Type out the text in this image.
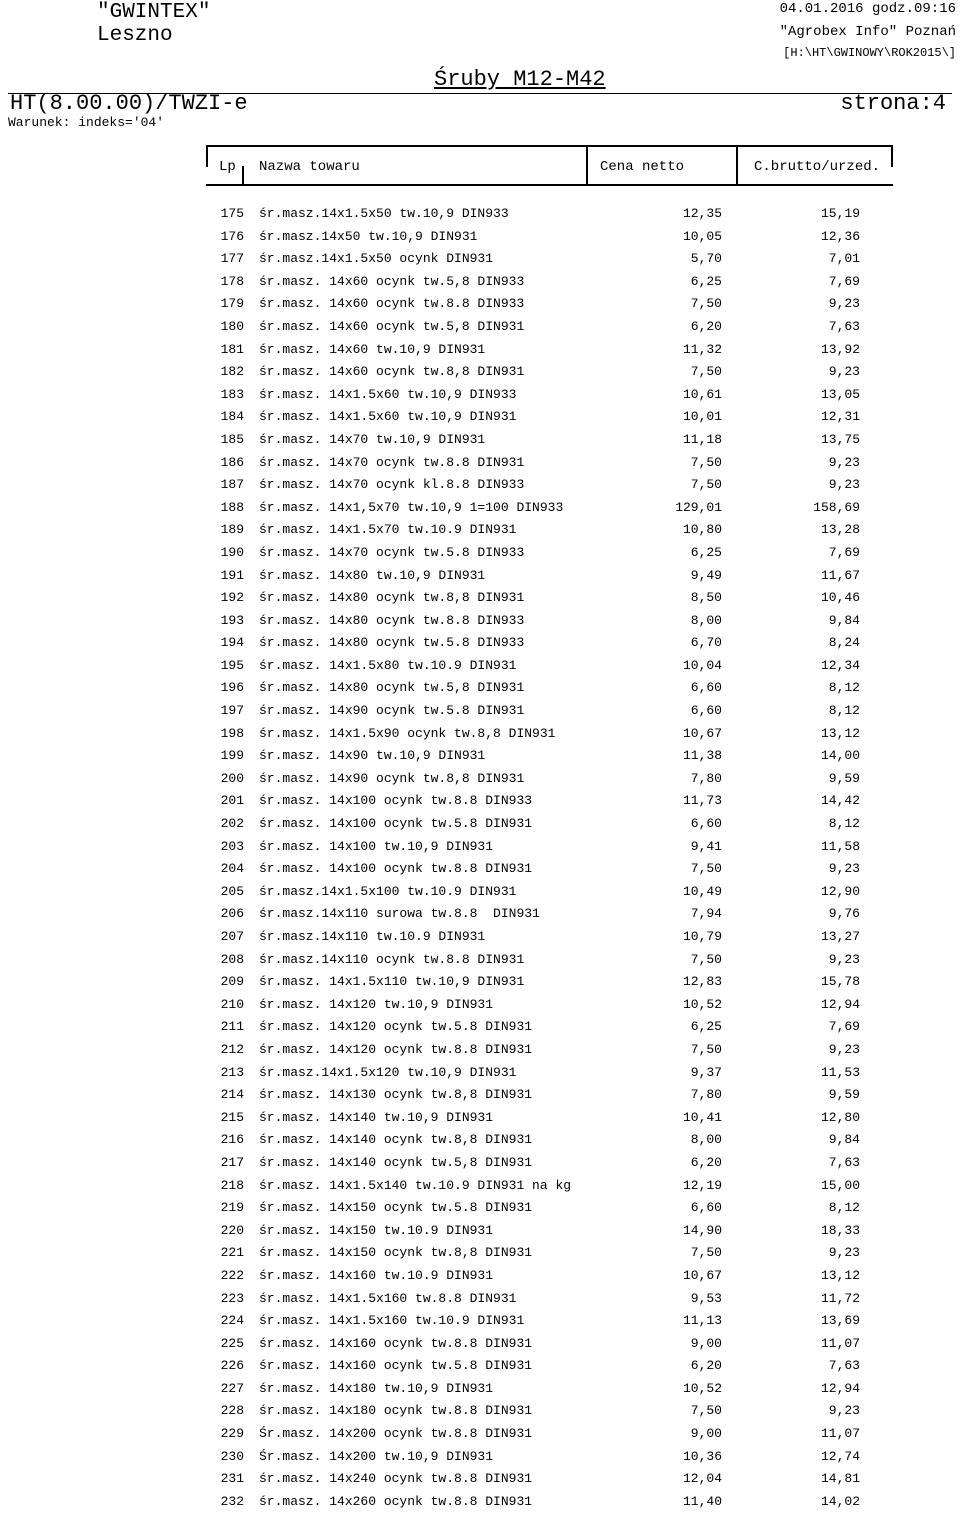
"GWINTEX"
Leszno
04.01.2016 godz.09:16
"Agrobex Info" Poznań
[H:\HT\GWINOWY\ROK2015\]
Śruby M12-M42
HT(8.00.00)/TWZI-e	strona:4
Warunek: indeks='04'
Lp Nazwa towaru	Cena netto	C.brutto/urzed.
175 śr.masz.14x1.5x50 tw.10,9 DIN933	12,35	15,19
176 śr.masz.14x50 tw.10,9 DIN931	10,05	12,36
177 śr.masz.14x1.5x50 ocynk DIN931	5,70	7,01
178 śr.masz. 14x60 ocynk tw.5,8 DIN933	6,25	7,69
179 śr.masz. 14x60 ocynk tw.8.8 DIN933	7,50	9,23
180 śr.masz. 14x60 ocynk tw.5,8 DIN931	6,20	7,63
181 śr.masz. 14x60 tw.10,9 DIN931	11,32	13,92
182 śr.masz. 14x60 ocynk tw.8,8 DIN931	7,50	9,23
183 śr.masz. 14x1.5x60 tw.10,9 DIN933	10,61	13,05
184 śr.masz. 14x1.5x60 tw.10,9 DIN931	10,01	12,31
185 śr.masz. 14x70 tw.10,9 DIN931	11,18	13,75
186 śr.masz. 14x70 ocynk tw.8.8 DIN931	7,50	9,23
187 śr.masz. 14x70 ocynk kl.8.8 DIN933	7,50	9,23
188 śr.masz. 14x1,5x70 tw.10,9 1=100 DIN933	129,01	158,69
189 śr.masz. 14x1.5x70 tw.10.9 DIN931	10,80	13,28
190 śr.masz. 14x70 ocynk tw.5.8 DIN933	6,25	7,69
191 śr.masz. 14x80 tw.10,9 DIN931	9,49	11,67
192 śr.masz. 14x80 ocynk tw.8,8 DIN931	8,50	10,46
193 śr.masz. 14x80 ocynk tw.8.8 DIN933	8,00	9,84
194 śr.masz. 14x80 ocynk tw.5.8 DIN933	6,70	8,24
195 śr.masz. 14x1.5x80 tw.10.9 DIN931	10,04	12,34
196 śr.masz. 14x80 ocynk tw.5,8 DIN931	6,60	8,12
197 śr.masz. 14x90 ocynk tw.5.8 DIN931	6,60	8,12
198 śr.masz. 14x1.5x90 ocynk tw.8,8 DIN931	10,67	13,12
199 śr.masz. 14x90 tw.10,9 DIN931	11,38	14,00
200 śr.masz. 14x90 ocynk tw.8,8 DIN931	7,80	9,59
201 śr.masz. 14x100 ocynk tw.8.8 DIN933	11,73	14,42
202 śr.masz. 14x100 ocynk tw.5.8 DIN931	6,60	8,12
203 śr.masz. 14x100 tw.10,9 DIN931	9,41	11,58
204 śr.masz. 14x100 ocynk tw.8.8 DIN931	7,50	9,23
205 śr.masz.14x1.5x100 tw.10.9 DIN931	10,49	12,90
206 śr.masz.14x110 surowa tw.8.8  DIN931	7,94	9,76
207 śr.masz.14x110 tw.10.9 DIN931	10,79	13,27
208 śr.masz.14x110 ocynk tw.8.8 DIN931	7,50	9,23
209 śr.masz. 14x1.5x110 tw.10,9 DIN931	12,83	15,78
210 śr.masz. 14x120 tw.10,9 DIN931	10,52	12,94
211 śr.masz. 14x120 ocynk tw.5.8 DIN931	6,25	7,69
212 śr.masz. 14x120 ocynk tw.8.8 DIN931	7,50	9,23
213 śr.masz.14x1.5x120 tw.10,9 DIN931	9,37	11,53
214 śr.masz. 14x130 ocynk tw.8,8 DIN931	7,80	9,59
215 śr.masz. 14x140 tw.10,9 DIN931	10,41	12,80
216 śr.masz. 14x140 ocynk tw.8,8 DIN931	8,00	9,84
217 śr.masz. 14x140 ocynk tw.5,8 DIN931	6,20	7,63
218 śr.masz. 14x1.5x140 tw.10.9 DIN931 na kg	12,19	15,00
219 śr.masz. 14x150 ocynk tw.5.8 DIN931	6,60	8,12
220 śr.masz. 14x150 tw.10.9 DIN931	14,90	18,33
221 śr.masz. 14x150 ocynk tw.8,8 DIN931	7,50	9,23
222 śr.masz. 14x160 tw.10.9 DIN931	10,67	13,12
223 śr.masz. 14x1.5x160 tw.8.8 DIN931	9,53	11,72
224 śr.masz. 14x1.5x160 tw.10.9 DIN931	11,13	13,69
225 śr.masz. 14x160 ocynk tw.8.8 DIN931	9,00	11,07
226 śr.masz. 14x160 ocynk tw.5.8 DIN931	6,20	7,63
227 śr.masz. 14x180 tw.10,9 DIN931	10,52	12,94
228 śr.masz. 14x180 ocynk tw.8.8 DIN931	7,50	9,23
229 Śr.masz. 14x200 ocynk tw.8.8 DIN931	9,00	11,07
230 Śr.masz. 14x200 tw.10,9 DIN931	10,36	12,74
231 śr.masz. 14x240 ocynk tw.8.8 DIN931	12,04	14,81
232 śr.masz. 14x260 ocynk tw.8.8 DIN931	11,40	14,02
